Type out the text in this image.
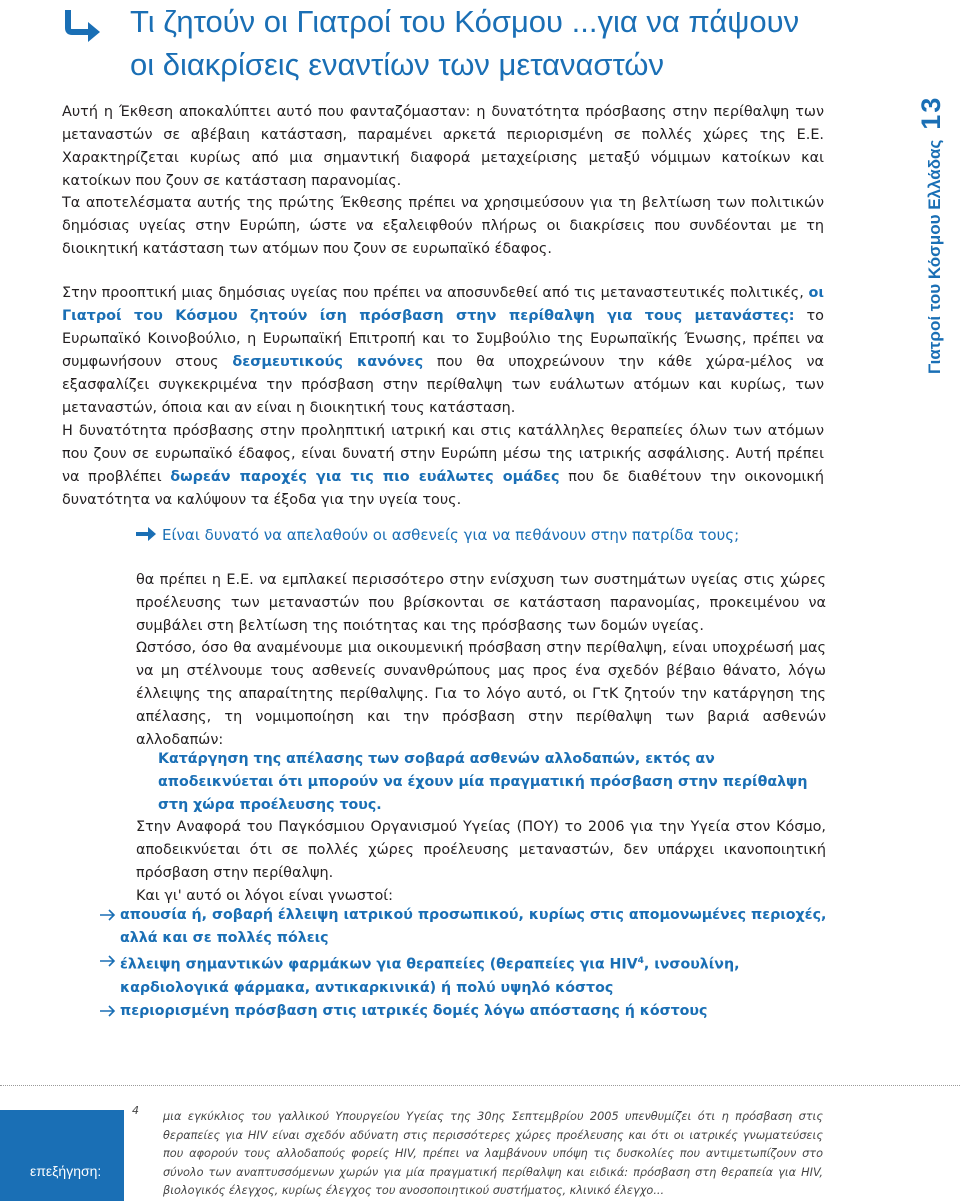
Τι ζητούν οι Γιατροί του Κόσμου ...για να πάψουν οι διακρίσεις εναντίων των μεταναστών
Γιατροί του Κόσμου Ελλάδας13

Αυτή η Έκθεση αποκαλύπτει αυτό που φανταζόμασταν: η δυνατότητα πρόσβασης στην περίθαλψη των μεταναστών σε αβέβαιη κατάσταση, παραμένει αρκετά περιορισμένη σε πολλές χώρες της Ε.Ε. Χαρακτηρίζεται κυρίως από μια σημαντική διαφορά μεταχείρισης μεταξύ νόμιμων κατοίκων και κατοίκων που ζουν σε κατάσταση παρανομίας.

Τα αποτελέσματα αυτής της πρώτης Έκθεσης πρέπει να χρησιμεύσουν για τη βελτίωση των πολιτικών δημόσιας υγείας στην Ευρώπη, ώστε να εξαλειφθούν πλήρως οι διακρίσεις που συνδέονται με τη διοικητική κατάσταση των ατόμων που ζουν σε ευρωπαϊκό έδαφος.

Στην προοπτική μιας δημόσιας υγείας που πρέπει να αποσυνδεθεί από τις μεταναστευτικές πολιτικές, οι Γιατροί του Κόσμου ζητούν ίση πρόσβαση στην περίθαλψη για τους μετανάστες: το Ευρωπαϊκό Κοινοβούλιο, η Ευρωπαϊκή Επιτροπή και το Συμβούλιο της Ευρωπαϊκής Ένωσης, πρέπει να συμφωνήσουν στους δεσμευτικούς κανόνες που θα υποχρεώνουν την κάθε χώρα-μέλος να εξασφαλίζει συγκεκριμένα την πρόσβαση στην περίθαλψη των ευάλωτων ατόμων και κυρίως, των μεταναστών, όποια και αν είναι η διοικητική τους κατάσταση.
Η δυνατότητα πρόσβασης στην προληπτική ιατρική και στις κατάλληλες θεραπείες όλων των ατόμων που ζουν σε ευρωπαϊκό έδαφος, είναι δυνατή στην Ευρώπη μέσω της ιατρικής ασφάλισης. Αυτή πρέπει να προβλέπει δωρεάν παροχές για τις πιο ευάλωτες ομάδες που δε διαθέτουν την οικονομική δυνατότητα να καλύψουν τα έξοδα για την υγεία τους.

Είναι δυνατό να απελαθούν οι ασθενείς για να πεθάνουν στην πατρίδα τους;

θα πρέπει η Ε.Ε. να εμπλακεί περισσότερο στην ενίσχυση των συστημάτων υγείας στις χώρες προέλευσης των μεταναστών που βρίσκονται σε κατάσταση παρανομίας, προκειμένου να συμβάλει στη βελτίωση της ποιότητας και της πρόσβασης των δομών υγείας.

Ωστόσο, όσο θα αναμένουμε μια οικουμενική πρόσβαση στην περίθαλψη, είναι υποχρέωσή μας να μη στέλνουμε τους ασθενείς συνανθρώπους μας προς ένα σχεδόν βέβαιο θάνατο, λόγω έλλειψης της απαραίτητης περίθαλψης. Για το λόγο αυτό, οι ΓτΚ ζητούν την κατάργηση της απέλασης, τη νομιμοποίηση και την πρόσβαση στην περίθαλψη των βαριά ασθενών αλλοδαπών:

Κατάργηση της απέλασης των σοβαρά ασθενών αλλοδαπών, εκτός αν αποδεικνύεται ότι μπορούν να έχουν μία πραγματική πρόσβαση στην περίθαλψη στη χώρα προέλευσης τους.

Στην Αναφορά του Παγκόσμιου Οργανισμού Υγείας (ΠΟΥ) το 2006 για την Υγεία στον Κόσμο, αποδεικνύεται ότι σε πολλές χώρες προέλευσης μεταναστών, δεν υπάρχει ικανοποιητική πρόσβαση στην περίθαλψη.
Και γι' αυτό οι λόγοι είναι γνωστοί:

απουσία ή, σοβαρή έλλειψη ιατρικού προσωπικού, κυρίως στις απομονωμένες περιοχές, αλλά και σε πολλές πόλεις
έλλειψη σημαντικών φαρμάκων για θεραπείες (θεραπείες για HIV$^4$, ινσουλίνη, καρδιολογικά φάρμακα, αντικαρκινικά) ή πολύ υψηλό κόστος
περιορισμένη πρόσβαση στις ιατρικές δομές λόγω απόστασης ή κόστους
επεξήγηση:
4 μια εγκύκλιος του γαλλικού Υπουργείου Υγείας της 30ης Σεπτεμβρίου 2005 υπενθυμίζει ότι η πρόσβαση στις θεραπείες για HIV είναι σχεδόν αδύνατη στις περισσότερες χώρες προέλευσης και ότι οι ιατρικές γνωματεύσεις που αφορούν τους αλλοδαπούς φορείς HIV, πρέπει να λαμβάνουν υπόψη τις δυσκολίες που αντιμετωπίζουν στο σύνολο των αναπτυσσόμενων χωρών για μία πραγματική περίθαλψη και ειδικά: πρόσβαση στη θεραπεία για HIV, βιολογικός έλεγχος, κυρίως έλεγχος του ανοσοποιητικού συστήματος, κλινικό έλεγχο...
